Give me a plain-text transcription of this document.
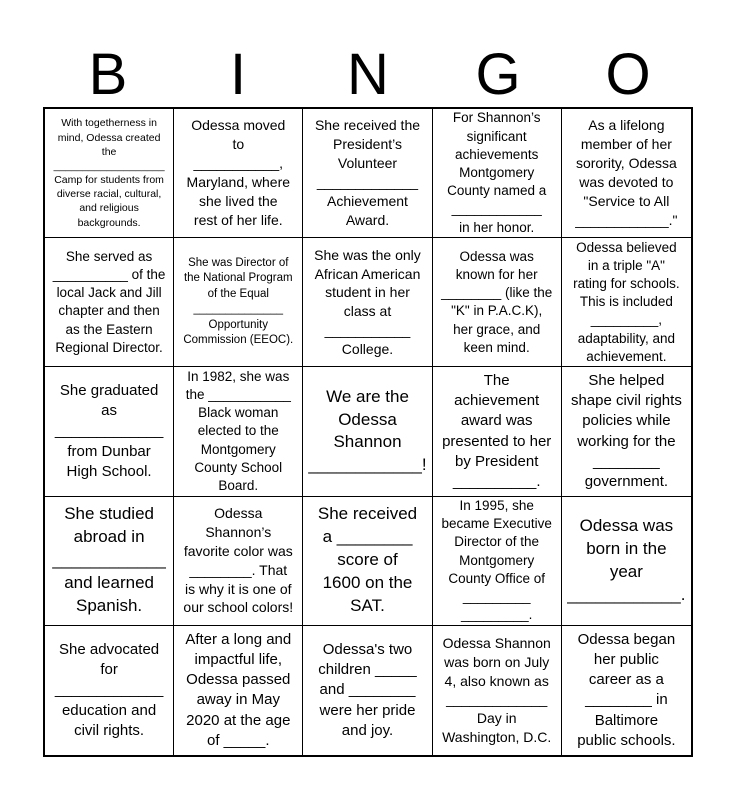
B	I	N	G	O
With togetherness in
mind, Odessa created
the
___________________
Camp for students from
diverse racial, cultural,
and religious
backgrounds.
Odessa moved
to
___________,
Maryland, where
she lived the
rest of her life.
She received the
President’s
Volunteer
_____________
Achievement
Award.
For Shannon’s
significant
achievements
Montgomery
County named a
____________
in her honor.
As a lifelong
member of her
sorority, Odessa
was devoted to
"Service to All
____________."
She served as
__________ of the
local Jack and Jill
chapter and then
as the Eastern
Regional Director.
She was Director of
the National Program
of the Equal
______________
Opportunity
Commission (EEOC).
She was the only
African American
student in her
class at
___________
College.
Odessa was
known for her
________ (like the
"K" in P.A.C.K),
her grace, and
keen mind.
Odessa believed
in a triple "A"
rating for schools.
This is included
_________,
adaptability, and
achievement.
She graduated
as
_____________
from Dunbar
High School.
In 1982, she was
the ___________
Black woman
elected to the
Montgomery
County School
Board.
We are the
Odessa
Shannon
____________!
The
achievement
award was
presented to her
by President
__________.
She helped
shape civil rights
policies while
working for the
________
government.
She studied
abroad in
____________
and learned
Spanish.
Odessa
Shannon’s
favorite color was
________. That
is why it is one of
our school colors!
She received
a ________
score of
1600 on the
SAT.
In 1995, she
became Executive
Director of the
Montgomery
County Office of
_________
_________.
Odessa was
born in the
year
____________.
She advocated
for
_____________
education and
civil rights.
After a long and
impactful life,
Odessa passed
away in May
2020 at the age
of _____.
Odessa's two
children _____
and ________
were her pride
and joy.
Odessa Shannon
was born on July
4, also known as
_____________
Day in
Washington, D.C.
Odessa began
her public
career as a
________ in
Baltimore
public schools.
